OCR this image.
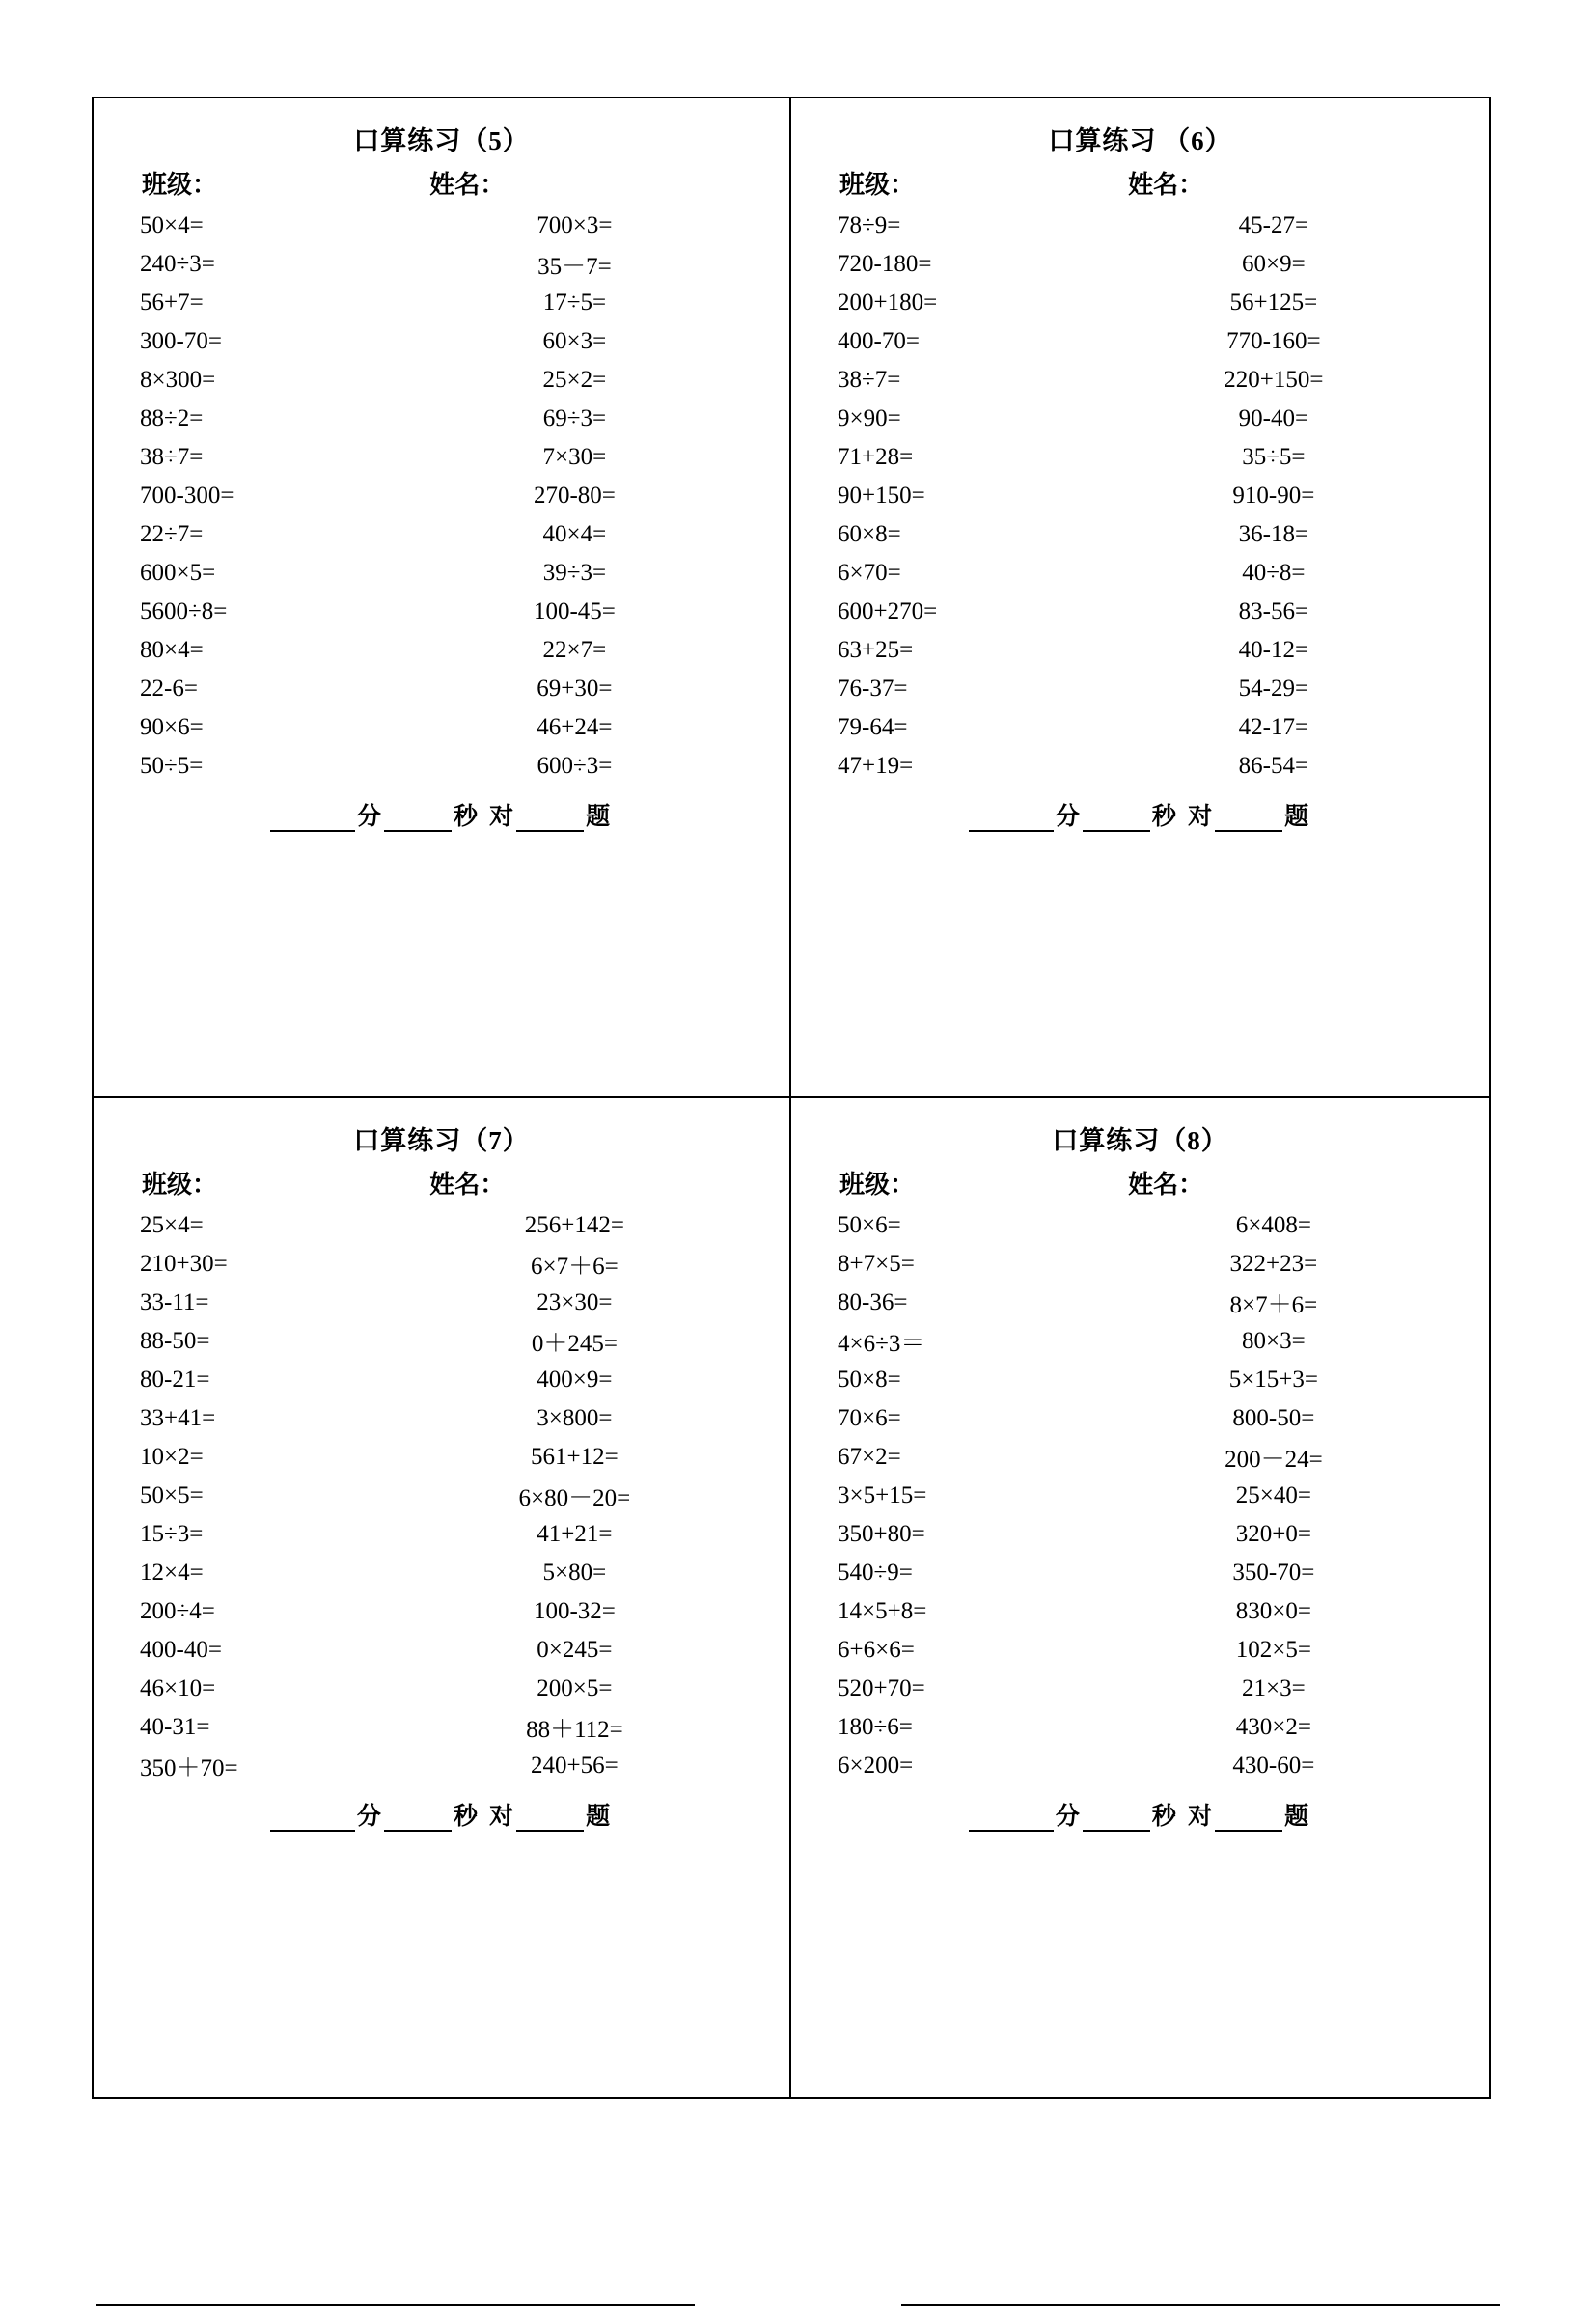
口算练习（5）
班级：	姓名：
50×4=	700×3=
240÷3=	35－7=
56+7=	17÷5=
300-70=	60×3=
8×300=	25×2=
88÷2=	69÷3=
38÷7=	7×30=
700-300=	270-80=
22÷7=	40×4=
600×5=	39÷3=
5600÷8=	100-45=
80×4=	22×7=
22-6=	69+30=
90×6=	46+24=
50÷5=	600÷3=
分	秒 对	题
口算练习 （6）
班级：	姓名：
78÷9=	45-27=
720-180=	60×9=
200+180=	56+125=
400-70=	770-160=
38÷7=	220+150=
9×90=	90-40=
71+28=	35÷5=
90+150=	910-90=
60×8=	36-18=
6×70=	40÷8=
600+270=	83-56=
63+25=	40-12=
76-37=	54-29=
79-64=	42-17=
47+19=	86-54=
分	秒 对	题
口算练习（7）
班级：	姓名：
25×4=	256+142=
210+30=	6×7＋6=
33-11=	23×30=
88-50=	0＋245=
80-21=	400×9=
33+41=	3×800=
10×2=	561+12=
50×5=	6×80－20=
15÷3=	41+21=
12×4=	5×80=
200÷4=	100-32=
400-40=	0×245=
46×10=	200×5=
40-31=	88＋112=
350＋70=	240+56=
分	秒 对	题
口算练习（8）
班级：	姓名：
50×6=	6×408=
8+7×5=	322+23=
80-36=	8×7＋6=
4×6÷3＝	80×3=
50×8=	5×15+3=
70×6=	800-50=
67×2=	200－24=
3×5+15=	25×40=
350+80=	320+0=
540÷9=	350-70=
14×5+8=	830×0=
6+6×6=	102×5=
520+70=	21×3=
180÷6=	430×2=
6×200=	430-60=
分	秒 对	题
